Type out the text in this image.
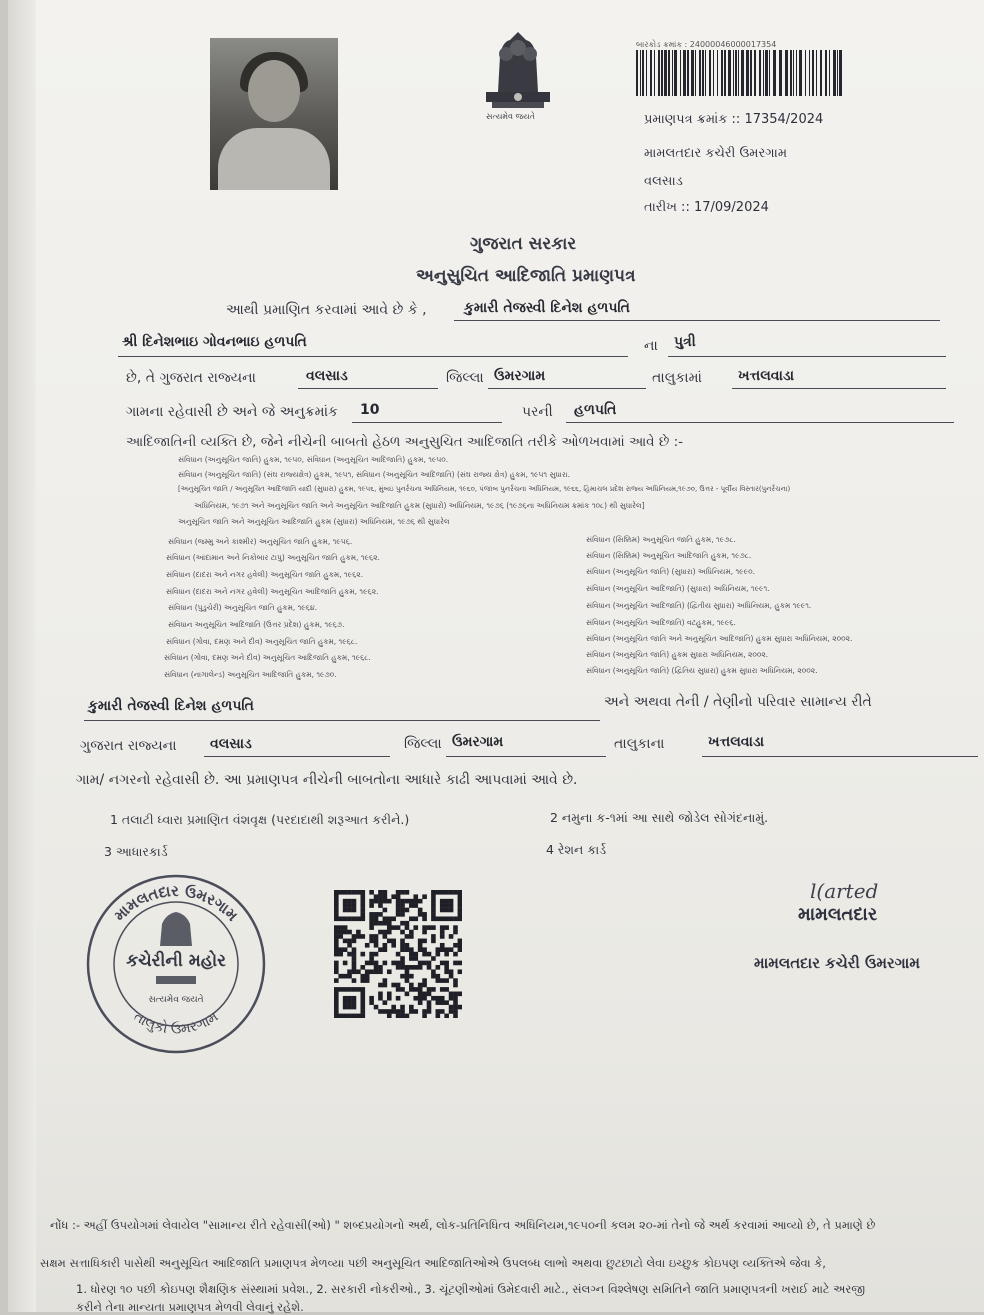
સત્યમેવ જયતે
બારકોડ ક્રમાંક : 24000046000017354
પ્રમાણપત્ર ક્રમાંક :: 17354/2024
મામલતદાર કચેરી ઉમરગામ
વલસાડ
તારીખ :: 17/09/2024
ગુજરાત સરકાર
અનુસુચિત આદિજાતિ પ્રમાણપત્ર
આથી પ્રમાણિત કરવામાં આવે છે કે ,	કુમારી તેજસ્વી દિનેશ હળપતિ
શ્રી દિનેશભાઇ ગોવનભાઇ હળપતિ	ના પુત્રી
છે, તે ગુજરાત રાજ્યના	વલસાડ	જિલ્લા ઉમરગામ	તાલુકામાં	ખત્તલવાડા
ગામના રહેવાસી છે અને જે અનુક્રમાંક 10	પરની હળપતિ
આદિજાતિની વ્યક્તિ છે, જેને નીચેની બાબતો હેઠળ અનુસુચિત આદિજાતિ તરીકે ઓળખવામાં આવે છે :-
સંવિધાન (અનુસૂચિત જાતિ) હુકમ, ૧૯૫૦, સંવિધાન (અનુસૂચિત આદિજાતિ) હુકમ, ૧૯૫૦.
સંવિધાન (અનુસૂચિત જાતિ) (સંઘ રાજ્યક્ષેત્ર) હુકમ, ૧૯૫૧, સંવિધાન (અનુસૂચિત આદિજાતિ) (સંઘ રાજ્ય ક્ષેત્ર) હુકમ, ૧૯૫૧ સુધારા.
[અનુસૂચિત જાતિ / અનુસૂચિત આદિજાતિ યાદી (સુધારા) હુકમ, ૧૯૫૬, મુંબઇ પુનર્રચના અધિનિયમ, ૧૯૬૦, પંજાબ પુનર્રચના અધિનિયમ, ૧૯૬૬, હિમાચલ પ્રદેશ રાજ્ય અધિનિયમ,૧૯૭૦, ઉત્તર - પૂર્વીય વિસ્તાર(પુનર્રચના)
અધિનિયમ, ૧૯૭૧ અને અનુસૂચિત જાતિ અને અનુસૂચિત આદિજાતિ હુકમ (સુધારો) અધિનિયમ, ૧૯૭૬ (૧૯૭૬ના અધિનિયમ ક્રમાંક ૧૦૮) થી સુધારેલ]
અનુસૂચિત જાતિ અને અનુસૂચિત આદિજાતિ હુકમ (સુધારા) અધિનિયમ, ૧૯૭૬ થી સુધારેલ
સંવિધાન (જમ્મુ અને કાશ્મીર) અનુસૂચિત જાતિ હુકમ, ૧૯૫૬.
સંવિધાન (આંદામાન અને નિકોબાર ટાપુ) અનુસૂચિત જાતિ હુકમ, ૧૯૬૨.
સંવિધાન (દાદરા અને નગર હવેલી) અનુસૂચિત જાતિ હુકમ, ૧૯૬૨.
સંવિધાન (દાદરા અને નગર હવેલી) અનુસૂચિત આદિજાતિ હુકમ, ૧૯૬૨.
સંવિધાન (પુડુચેરી) અનુસૂચિત જાતિ હુકમ, ૧૯૬૪.
સંવિધાન અનુસૂચિત આદિજાતિ (ઉત્તર પ્રદેશ) હુકમ, ૧૯૬૭.
સંવિધાન (ગોવા, દમણ અને દીવ) અનુસૂચિત જાતિ હુકમ, ૧૯૬૮.
સંવિધાન (ગોવા, દમણ અને દીવ) અનુસૂચિત આદિજાતિ હુકમ, ૧૯૬૮.
સંવિધાન (નાગાલેન્ડ) અનુસૂચિત આદિજાતિ હુકમ, ૧૯૭૦.
સંવિધાન (સિક્કિમ) અનુસૂચિત જાતિ હુકમ, ૧૯૭૮.
સંવિધાન (સિક્કિમ) અનુસૂચિત આદિજાતિ હુકમ, ૧૯૭૮.
સંવિધાન (અનુસૂચિત જાતિ) (સુધારા) અધિનિયમ, ૧૯૯૦.
સંવિધાન (અનુસૂચિત આદિજાતિ) (સુધારા) અધિનિયમ, ૧૯૯૧.
સંવિધાન (અનુસૂચિત આદિજાતિ) (દ્વિતીય સુધારા) અધિનિયમ, હુકમ ૧૯૯૧.
સંવિધાન (અનુસૂચિત આદિજાતિ) વટહુકમ, ૧૯૯૬.
સંવિધાન (અનુસૂચિત જાતિ અને અનુસૂચિત આદિજાતિ) હુકમ સુધારા અધિનિયમ, ૨૦૦૨.
સંવિધાન (અનુસૂચિત જાતિ) હુકમ સુધારા અધિનિયમ, ૨૦૦૨.
સંવિધાન (અનુસૂચિત જાતિ) (દ્વિતિય સુધારા) હુકમ સુધારા અધિનિયમ, ૨૦૦૨.
કુમારી તેજસ્વી દિનેશ હળપતિ	અને અથવા તેની / તેણીનો પરિવાર સામાન્ય રીતે
ગુજરાત રાજ્યના વલસાડ	જિલ્લા ઉમરગામ	તાલુકાના	ખત્તલવાડા
ગામ/ નગરનો રહેવાસી છે. આ પ્રમાણપત્ર નીચેની બાબતોના આધારે કાઢી આપવામાં આવે છે.
1 તલાટી ધ્વારા પ્રમાણિત વંશવૃક્ષ (પરદાદાથી શરૂઆત કરીને.)	2 નમુના ક-૧માં આ સાથે જોડેલ સોગંદનામું.
3 આધારકાર્ડ	4 રેશન કાર્ડ
મામલતદાર ઉમરગામ
તાલુકો ઉમરગામ
કચેરીની મહોર
સત્યમેવ જયતે
l(arted
મામલતદાર
મામલતદાર કચેરી ઉમરગામ
નોંધ :- અહીં ઉપયોગમાં લેવાયેલ "સામાન્ય રીતે રહેવાસી(ઓ) " શબ્દપ્રયોગનો અર્થ, લોક-પ્રતિનિધિત્વ અધિનિયમ,૧૯૫૦ની કલમ ૨૦-માં તેનો જે અર્થ કરવામાં આવ્યો છે, તે પ્રમાણે છે
સક્ષમ સત્તાધિકારી પાસેથી અનુસૂચિત આદિજાતિ પ્રમાણપત્ર મેળવ્યા પછી અનુસૂચિત આદિજાતિઓએ ઉપલબ્ધ લાભો અથવા છુટછાટો લેવા ઇચ્છુક કોઇપણ વ્યક્તિએ જેવા કે,
1. ધોરણ ૧૦ પછી કોઇપણ શૈક્ષણિક સંસ્થામાં પ્રવેશ., 2. સરકારી નોકરીઓ., 3. ચૂંટણીઓમાં ઉમેદવારી માટે., સંલગ્ન વિશ્લેષણ સમિતિને જાતિ પ્રમાણપત્રની ખરાઈ માટે અરજી
કરીને તેના માન્યતા પ્રમાણપત્ર મેળવી લેવાનું રહેશે.
